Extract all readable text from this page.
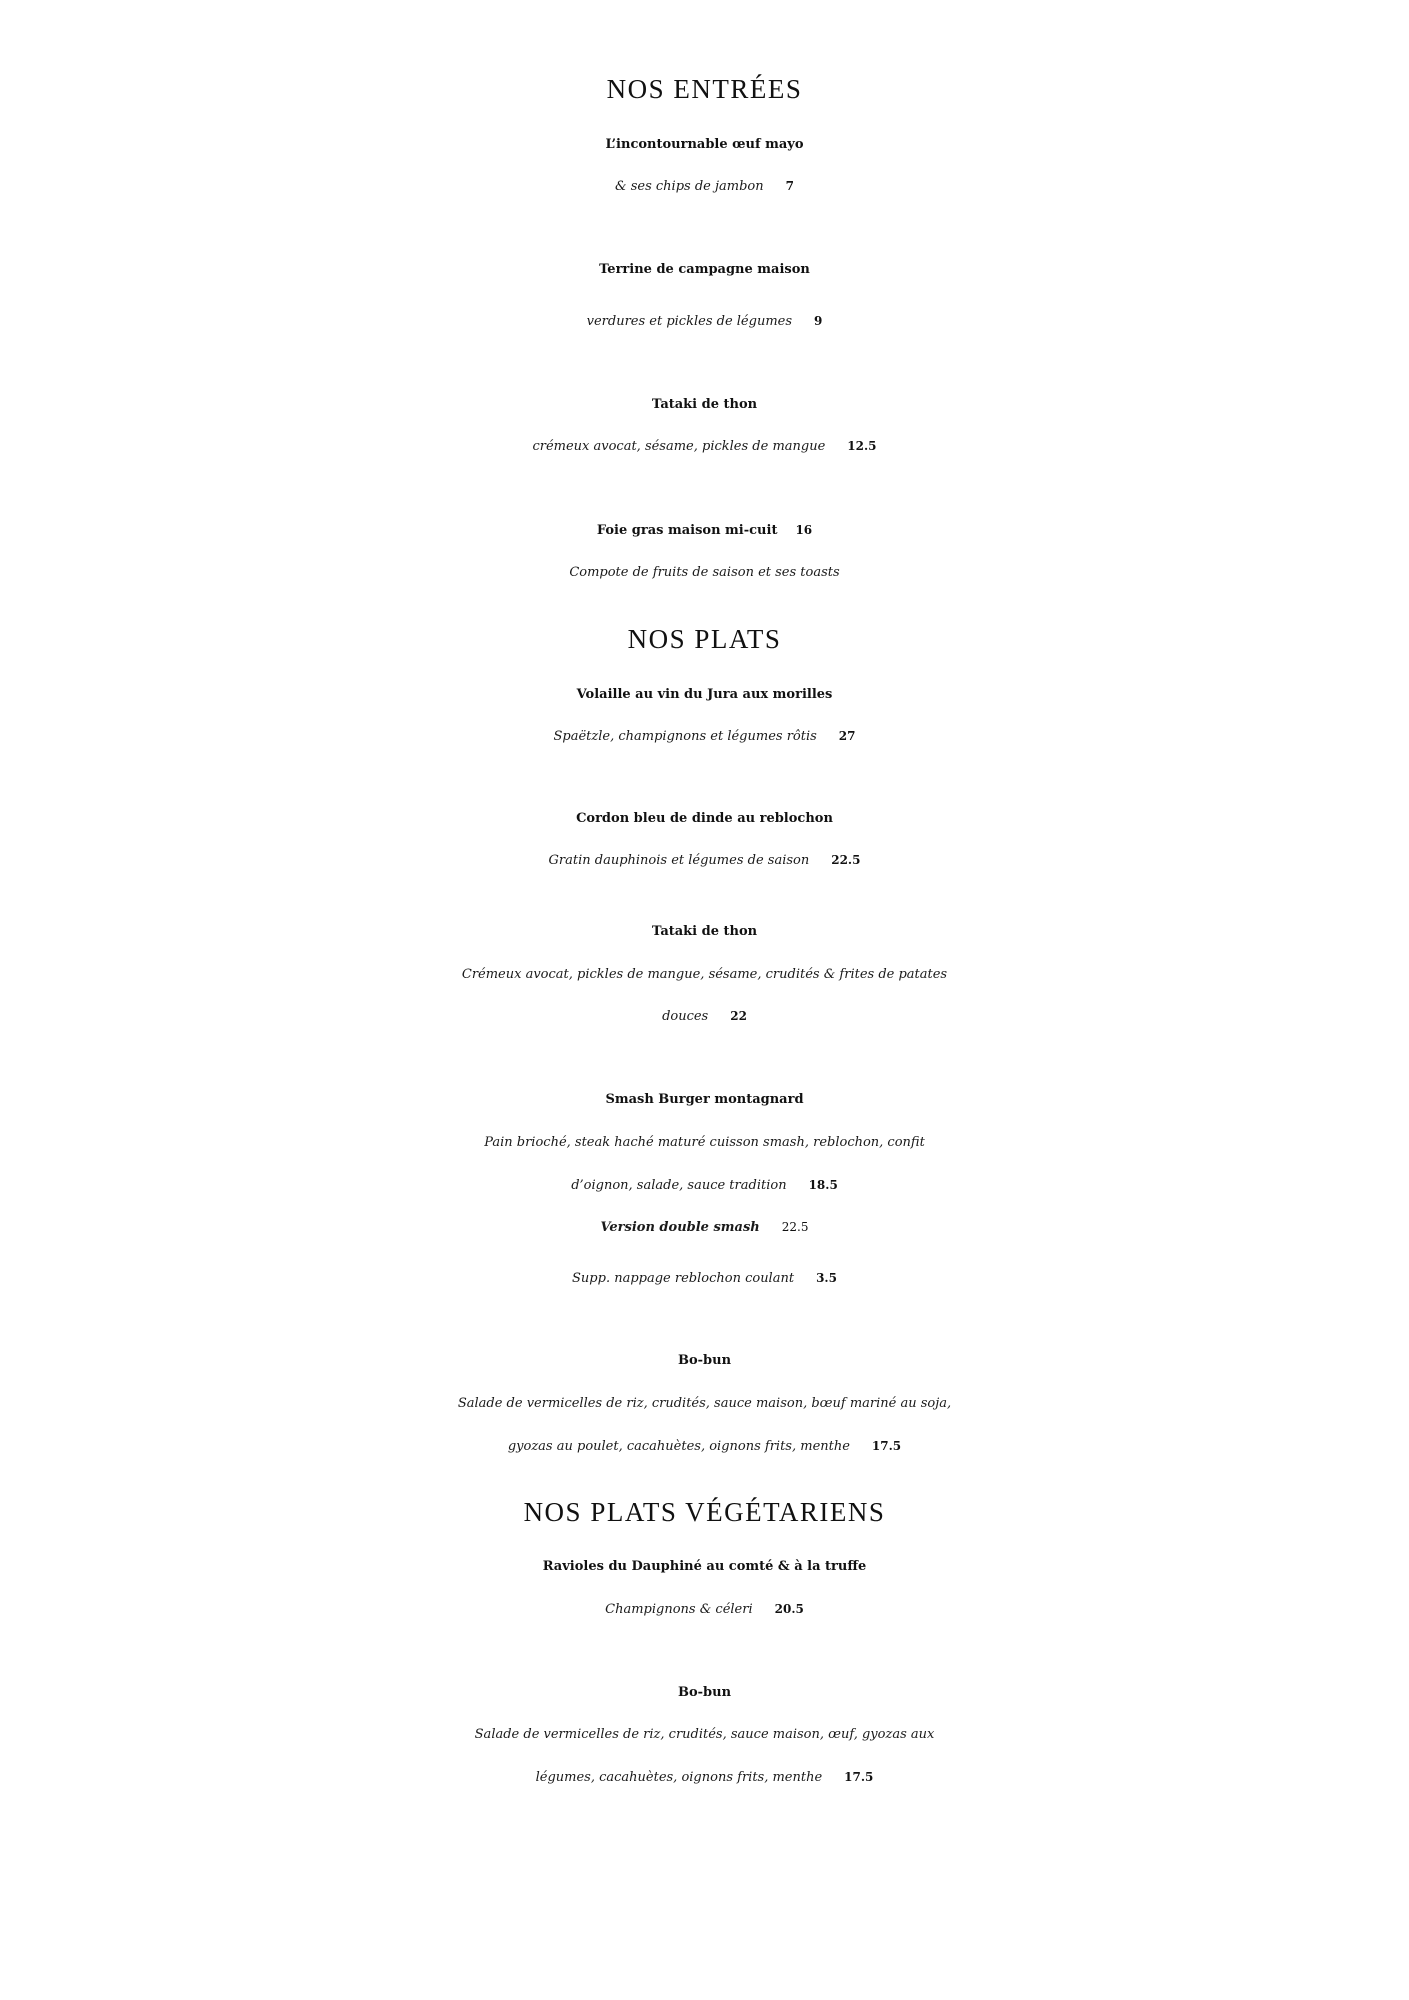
NOS ENTRÉES
L’incontournable œuf mayo
& ses chips de jambon 7
Terrine de campagne maison
verdures et pickles de légumes 9
Tataki de thon
crémeux avocat, sésame, pickles de mangue 12.5
Foie gras maison mi-cuit 16
Compote de fruits de saison et ses toasts
NOS PLATS
Volaille au vin du Jura aux morilles
Spaëtzle, champignons et légumes rôtis 27
Cordon bleu de dinde au reblochon
Gratin dauphinois et légumes de saison 22.5
Tataki de thon
Crémeux avocat, pickles de mangue, sésame, crudités & frites de patates
douces 22
Smash Burger montagnard
Pain brioché, steak haché maturé cuisson smash, reblochon, confit
d’oignon, salade, sauce tradition 18.5
Version double smash 22.5
Supp. nappage reblochon coulant 3.5
Bo-bun
Salade de vermicelles de riz, crudités, sauce maison, bœuf mariné au soja,
gyozas au poulet, cacahuètes, oignons frits, menthe 17.5
NOS PLATS VÉGÉTARIENS
Ravioles du Dauphiné au comté & à la truffe
Champignons & céleri 20.5
Bo-bun
Salade de vermicelles de riz, crudités, sauce maison, œuf, gyozas aux
légumes, cacahuètes, oignons frits, menthe 17.5
